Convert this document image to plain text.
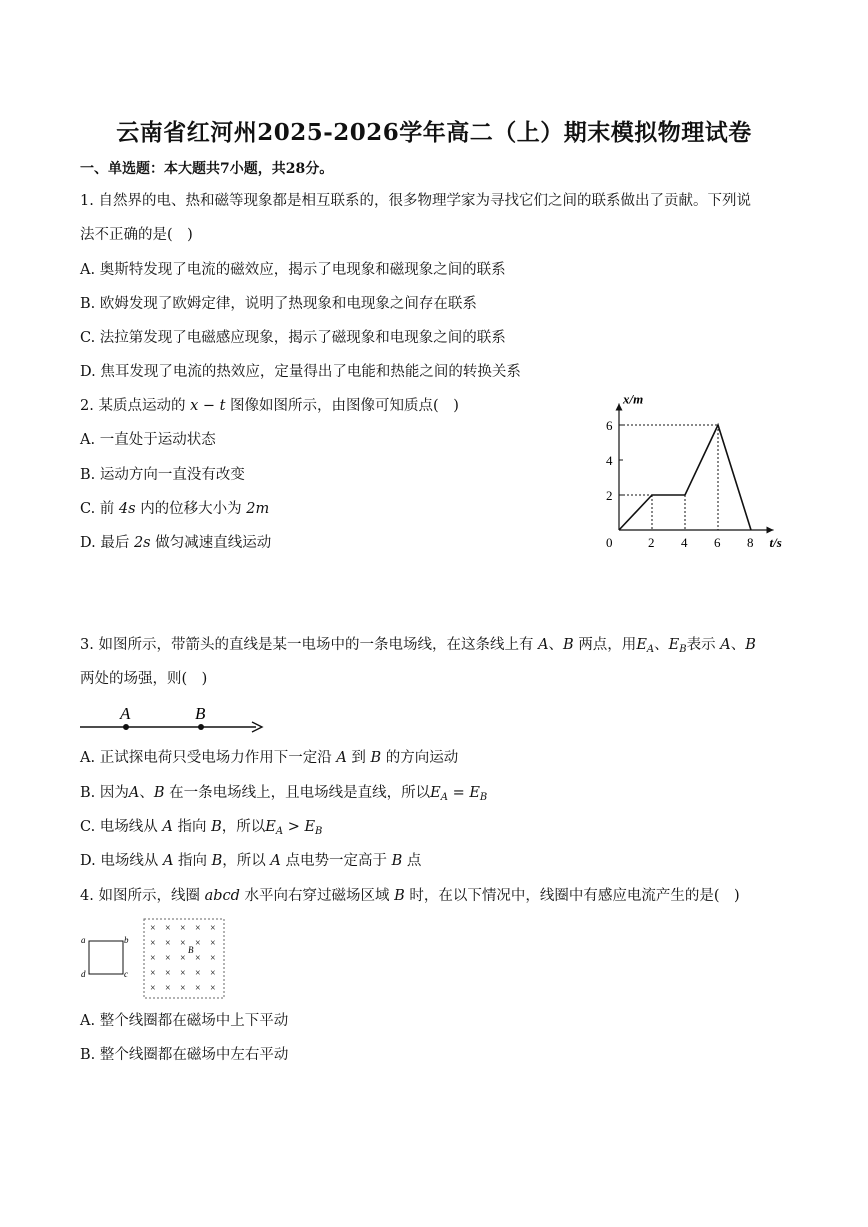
云南省红河州2025-2026学年高二（上）期末模拟物理试卷
一、单选题：本大题共7小题，共28分。
1. 自然界的电、热和磁等现象都是相互联系的，很多物理学家为寻找它们之间的联系做出了贡献。下列说
法不正确的是(　)
A. 奥斯特发现了电流的磁效应，揭示了电现象和磁现象之间的联系
B. 欧姆发现了欧姆定律，说明了热现象和电现象之间存在联系
C. 法拉第发现了电磁感应现象，揭示了磁现象和电现象之间的联系
D. 焦耳发现了电流的热效应，定量得出了电能和热能之间的转换关系
2. 某质点运动的 x − t 图像如图所示，由图像可知质点(　)
A. 一直处于运动状态
B. 运动方向一直没有改变
C. 前 4s 内的位移大小为 2m
D. 最后 2s 做匀减速直线运动
x/m
t/s
0	2 4 6 8
2
4
6
3. 如图所示，带箭头的直线是某一电场中的一条电场线，在这条线上有 A、B 两点，用$E_A$、$E_B$表示 A、B
两处的场强，则(　)
A	B
A. 正试探电荷只受电场力作用下一定沿 A 到 B 的方向运动
B. 因为A、B 在一条电场线上，且电场线是直线，所以$E_A = E_B$
C. 电场线从 A 指向 B，所以$E_A > E_B$
D. 电场线从 A 指向 B，所以 A 点电势一定高于 B 点
4. 如图所示，线圈 abcd 水平向右穿过磁场区域 B 时，在以下情况中，线圈中有感应电流产生的是(　)
a	b
c
d
× × × × ×
× × × × ×
× × × × ×
× × × × ×
× × × × ×
B
A. 整个线圈都在磁场中上下平动
B. 整个线圈都在磁场中左右平动
